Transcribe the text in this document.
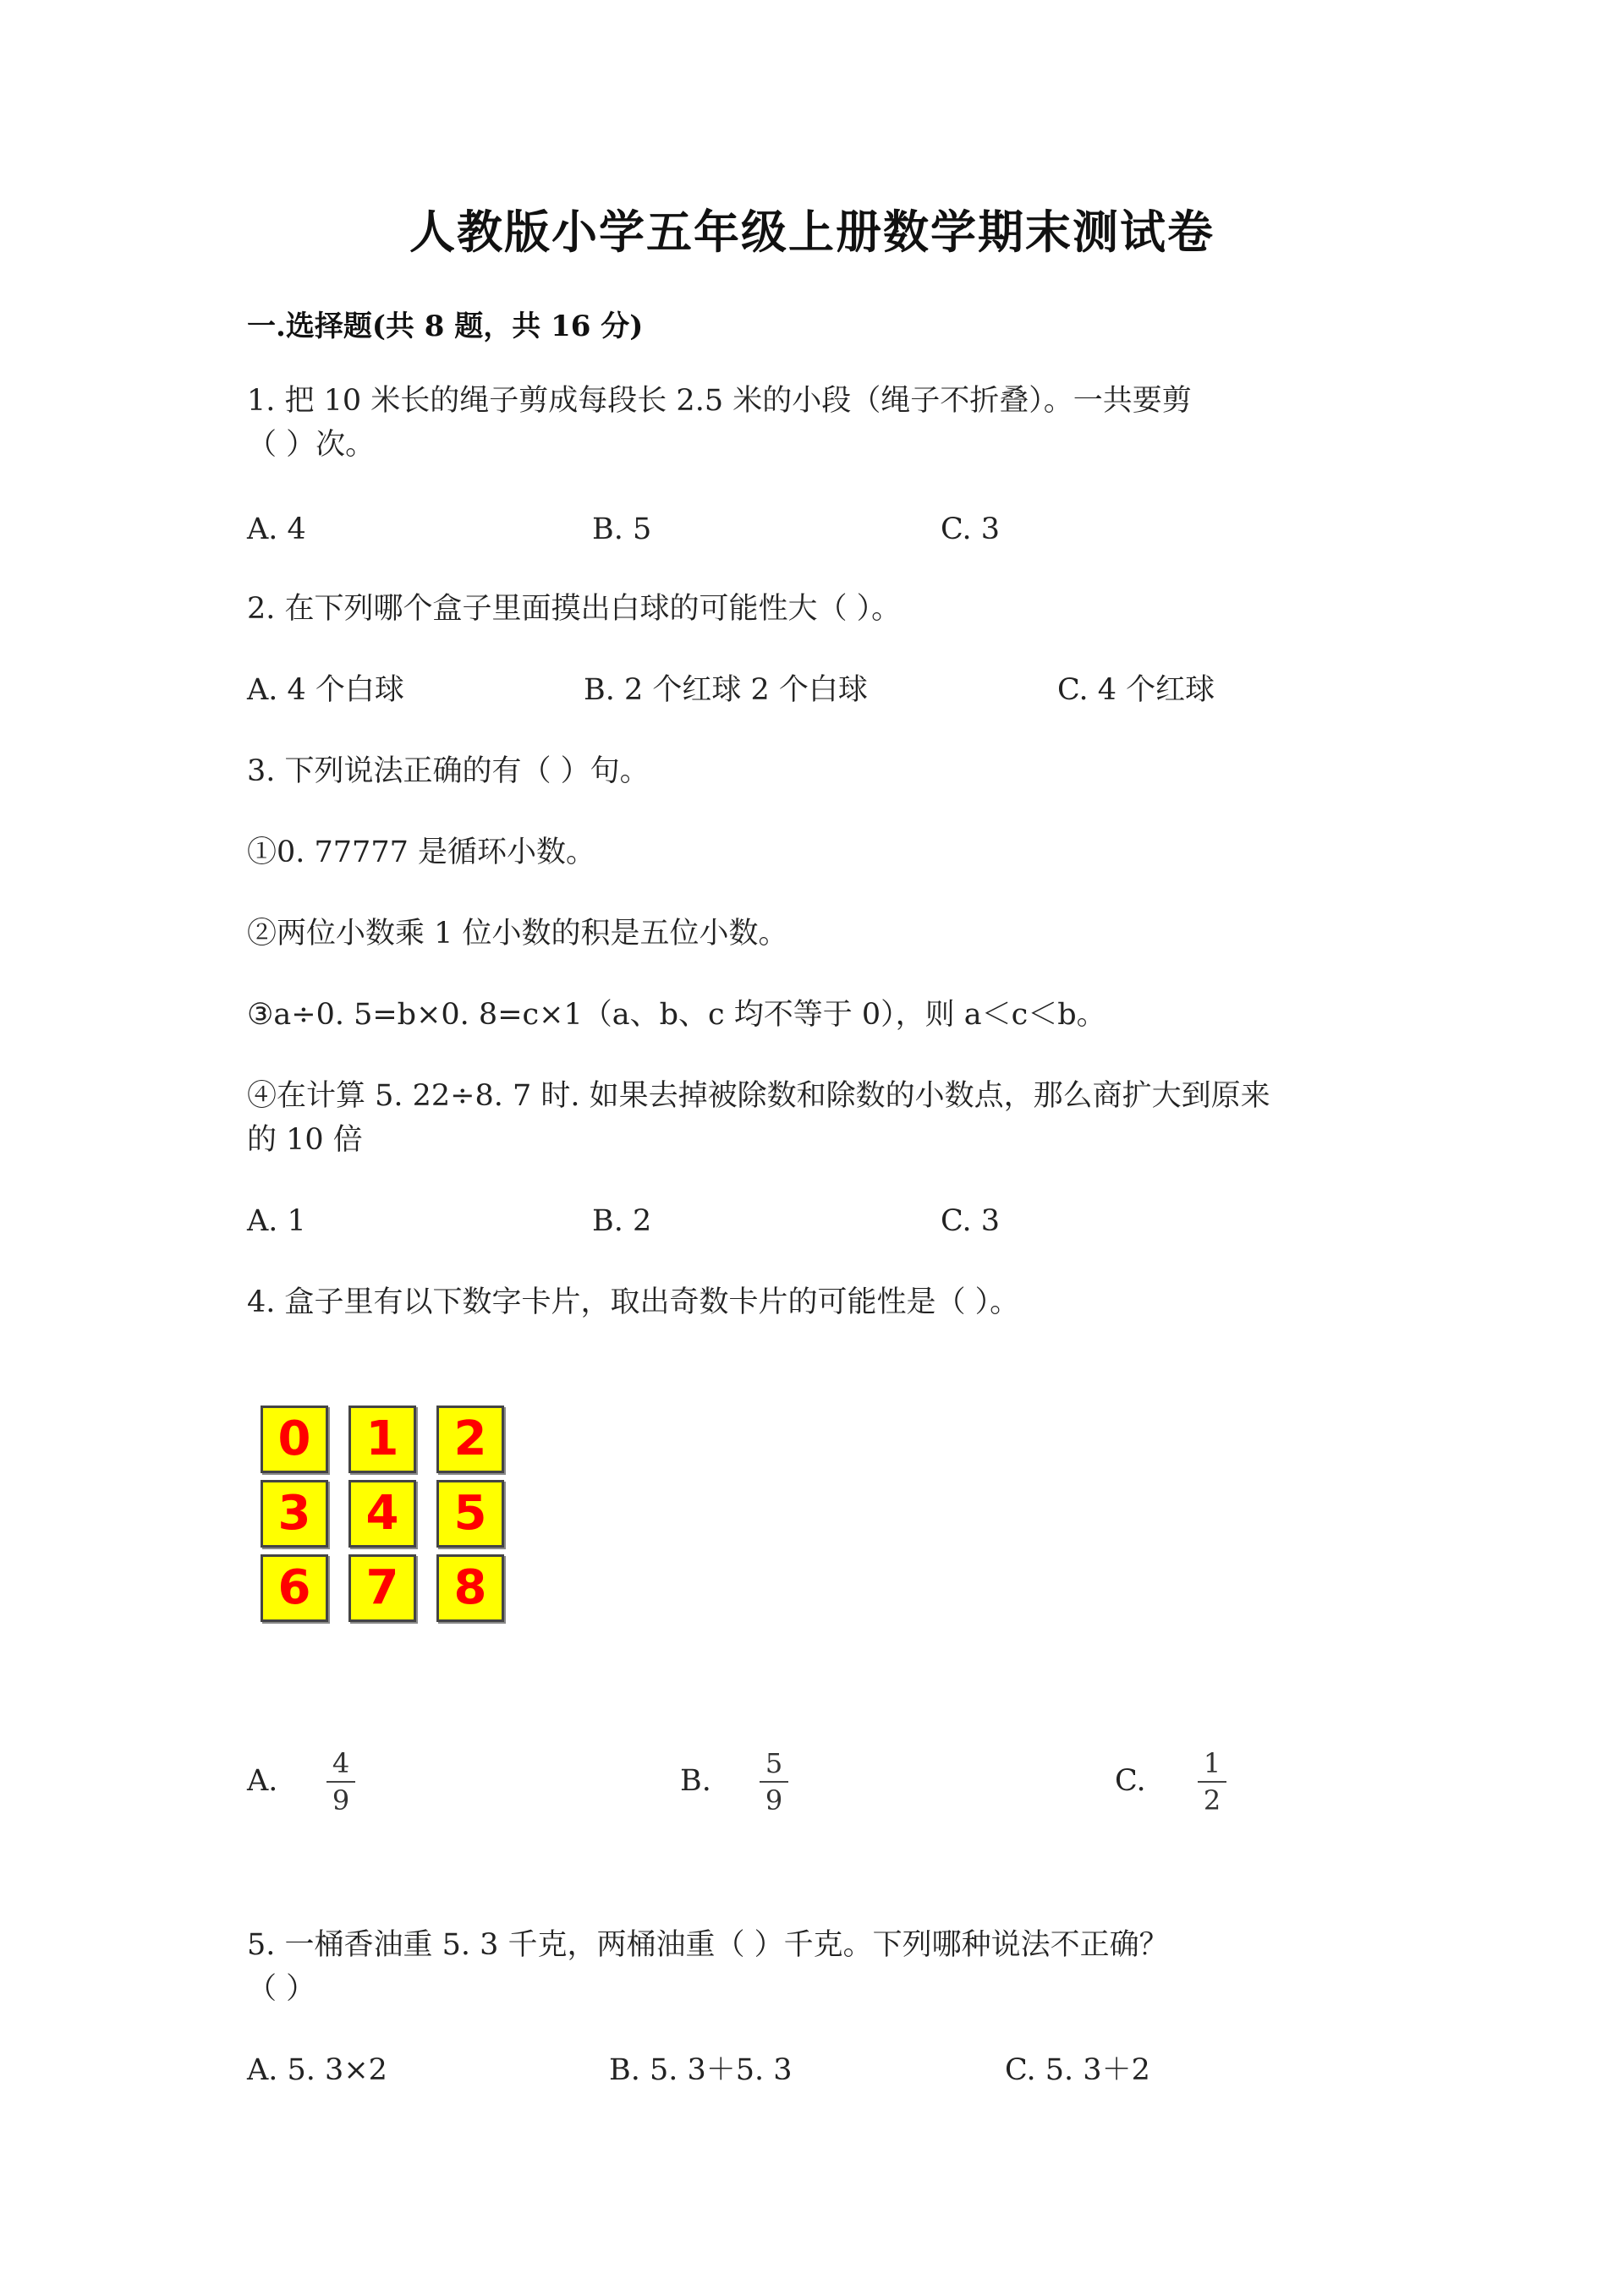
人教版小学五年级上册数学期末测试卷
一.选择题(共 8 题，共 16 分)
1. 把 10 米长的绳子剪成每段长 2.5 米的小段（绳子不折叠）。一共要剪
（ ）次。
A. 4	B. 5	C. 3
2. 在下列哪个盒子里面摸出白球的可能性大（ ）。
A. 4 个白球	B. 2 个红球 2 个白球	C. 4 个红球
3. 下列说法正确的有（ ）句。
①0. 77777 是循环小数。
②两位小数乘 1 位小数的积是五位小数。
③a÷0. 5=b×0. 8=c×1（a、b、c 均不等于 0），则 a＜c＜b。
④在计算 5. 22÷8. 7 时. 如果去掉被除数和除数的小数点，那么商扩大到原来
的 10 倍
A. 1	B. 2	C. 3
4. 盒子里有以下数字卡片，取出奇数卡片的可能性是（ ）。
0	1	2
3	4	5
6	7	8
A.
4
9
B.
5
9
C.
1
2
5. 一桶香油重 5. 3 千克，两桶油重（ ）千克。下列哪种说法不正确？
（ ）
A. 5. 3×2	B. 5. 3＋5. 3	C. 5. 3＋2
